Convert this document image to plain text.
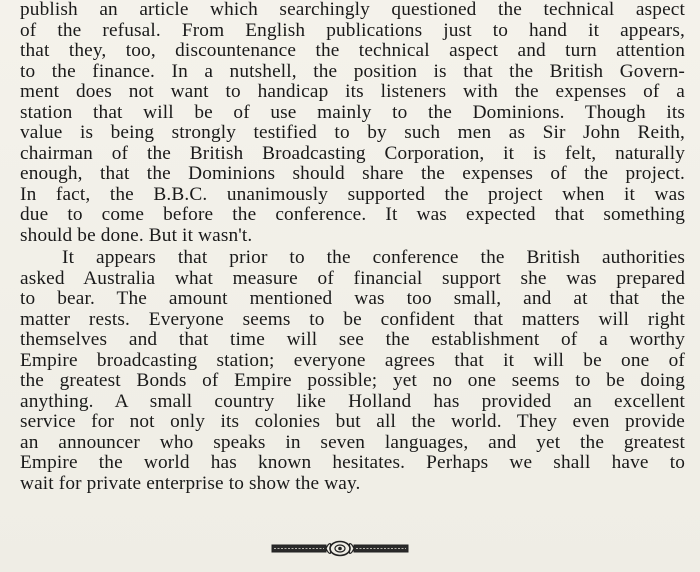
publish an article which searchingly questioned the technical aspect
of the refusal. From English publications just to hand it appears,
that they, too, discountenance the technical aspect and turn attention
to the finance. In a nutshell, the position is that the British Govern-
ment does not want to handicap its listeners with the expenses of a
station that will be of use mainly to the Dominions. Though its
value is being strongly testified to by such men as Sir John Reith,
chairman of the British Broadcasting Corporation, it is felt, naturally
enough, that the Dominions should share the expenses of the project.
In fact, the B.B.C. unanimously supported the project when it was
due to come before the conference. It was expected that something
should be done. But it wasn't.
It appears that prior to the conference the British authorities
asked Australia what measure of financial support she was prepared
to bear. The amount mentioned was too small, and at that the
matter rests. Everyone seems to be confident that matters will right
themselves and that time will see the establishment of a worthy
Empire broadcasting station; everyone agrees that it will be one of
the greatest Bonds of Empire possible; yet no one seems to be doing
anything. A small country like Holland has provided an excellent
service for not only its colonies but all the world. They even provide
an announcer who speaks in seven languages, and yet the greatest
Empire the world has known hesitates. Perhaps we shall have to
wait for private enterprise to show the way.
